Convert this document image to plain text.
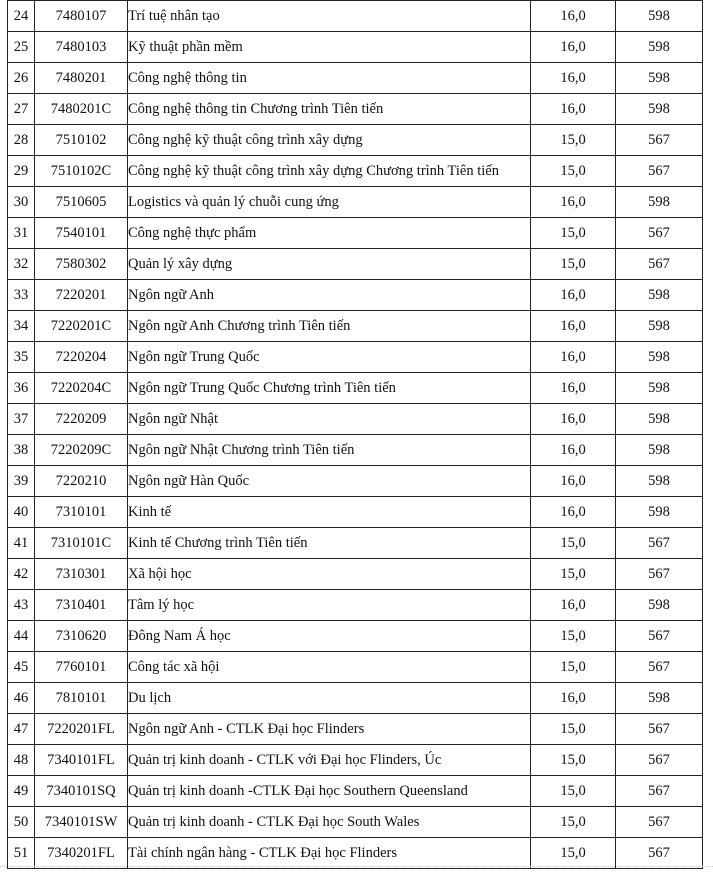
24	7480107	Trí tuệ nhân tạo	16,0	598
25	7480103	Kỹ thuật phần mềm	16,0	598
26	7480201	Công nghệ thông tin	16,0	598
27	7480201C	Công nghệ thông tin Chương trình Tiên tiến	16,0	598
28	7510102	Công nghệ kỹ thuật công trình xây dựng	15,0	567
29	7510102C	Công nghệ kỹ thuật công trình xây dựng Chương trình Tiên tiến	15,0	567
30	7510605	Logistics và quản lý chuỗi cung ứng	16,0	598
31	7540101	Công nghệ thực phẩm	15,0	567
32	7580302	Quản lý xây dựng	15,0	567
33	7220201	Ngôn ngữ Anh	16,0	598
34	7220201C	Ngôn ngữ Anh Chương trình Tiên tiến	16,0	598
35	7220204	Ngôn ngữ Trung Quốc	16,0	598
36	7220204C	Ngôn ngữ Trung Quốc Chương trình Tiên tiến	16,0	598
37	7220209	Ngôn ngữ Nhật	16,0	598
38	7220209C	Ngôn ngữ Nhật Chương trình Tiên tiến	16,0	598
39	7220210	Ngôn ngữ Hàn Quốc	16,0	598
40	7310101	Kinh tế	16,0	598
41	7310101C	Kinh tế Chương trình Tiên tiến	15,0	567
42	7310301	Xã hội học	15,0	567
43	7310401	Tâm lý học	16,0	598
44	7310620	Đông Nam Á học	15,0	567
45	7760101	Công tác xã hội	15,0	567
46	7810101	Du lịch	16,0	598
47	7220201FL	Ngôn ngữ Anh - CTLK Đại học Flinders	15,0	567
48	7340101FL	Quản trị kinh doanh - CTLK với Đại học Flinders, Úc	15,0	567
49	7340101SQ	Quản trị kinh doanh -CTLK Đại học Southern Queensland	15,0	567
50	7340101SW	Quản trị kinh doanh - CTLK Đại học South Wales	15,0	567
51	7340201FL	Tài chính ngân hàng - CTLK Đại học Flinders	15,0	567
